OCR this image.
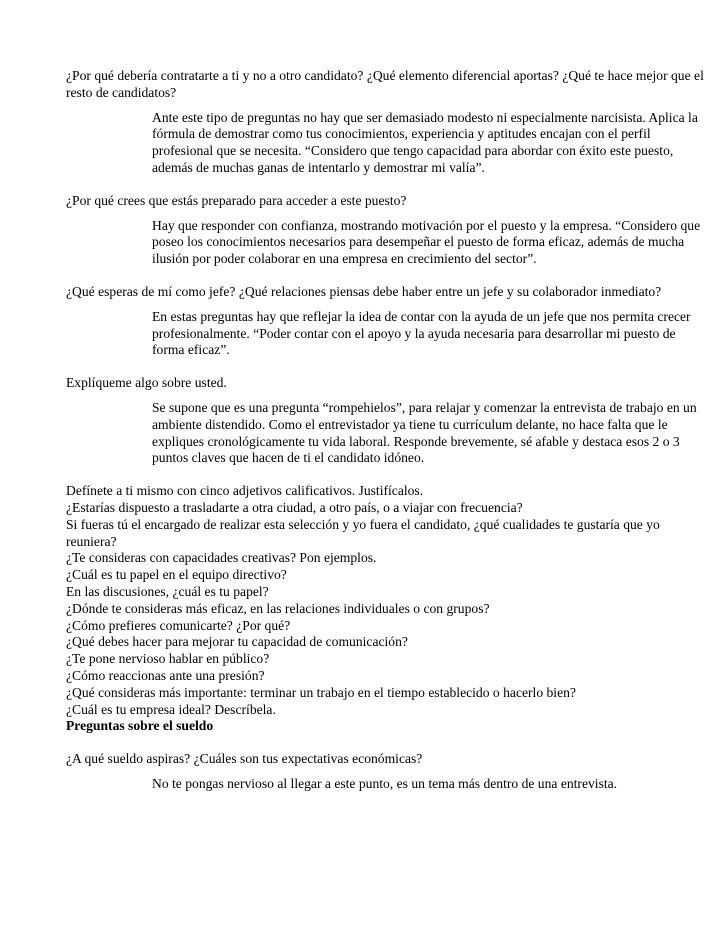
¿Por qué debería contratarte a ti y no a otro candidato? ¿Qué elemento diferencial aportas? ¿Qué te hace mejor que el resto de candidatos?

Ante este tipo de preguntas no hay que ser demasiado modesto ni especialmente narcisista. Aplica la fórmula de demostrar como tus conocimientos, experiencia y aptitudes encajan con el perfil profesional que se necesita. “Considero que tengo capacidad para abordar con éxito este puesto, además de muchas ganas de intentarlo y demostrar mi valía”.

¿Por qué crees que estás preparado para acceder a este puesto?

Hay que responder con confianza, mostrando motivación por el puesto y la empresa. “Considero que poseo los conocimientos necesarios para desempeñar el puesto de forma eficaz, además de mucha ilusión por poder colaborar en una empresa en crecimiento del sector”.

¿Qué esperas de mí como jefe? ¿Qué relaciones piensas debe haber entre un jefe y su colaborador inmediato?

En estas preguntas hay que reflejar la idea de contar con la ayuda de un jefe que nos permita crecer profesionalmente. “Poder contar con el apoyo y la ayuda necesaria para desarrollar mi puesto de forma eficaz”.

Explíqueme algo sobre usted.

Se supone que es una pregunta “rompehielos”, para relajar y comenzar la entrevista de trabajo en un ambiente distendido. Como el entrevistador ya tiene tu currículum delante, no hace falta que le expliques cronológicamente tu vida laboral. Responde brevemente, sé afable y destaca esos 2 o 3 puntos claves que hacen de ti el candidato idóneo.

Defínete a ti mismo con cinco adjetivos calificativos. Justifícalos.

¿Estarías dispuesto a trasladarte a otra ciudad, a otro país, o a viajar con frecuencia?

Si fueras tú el encargado de realizar esta selección y yo fuera el candidato, ¿qué cualidades te gustaría que yo reuniera?

¿Te consideras con capacidades creativas? Pon ejemplos.

¿Cuál es tu papel en el equipo directivo?

En las discusiones, ¿cuál es tu papel?

¿Dónde te consideras más eficaz, en las relaciones individuales o con grupos?

¿Cómo prefieres comunicarte? ¿Por qué?

¿Qué debes hacer para mejorar tu capacidad de comunicación?

¿Te pone nervioso hablar en público?

¿Cómo reaccionas ante una presión?

¿Qué consideras más importante: terminar un trabajo en el tiempo establecido o hacerlo bien?

¿Cuál es tu empresa ideal? Descríbela.

Preguntas sobre el sueldo

¿A qué sueldo aspiras? ¿Cuáles son tus expectativas económicas?

No te pongas nervioso al llegar a este punto, es un tema más dentro de una entrevista.
